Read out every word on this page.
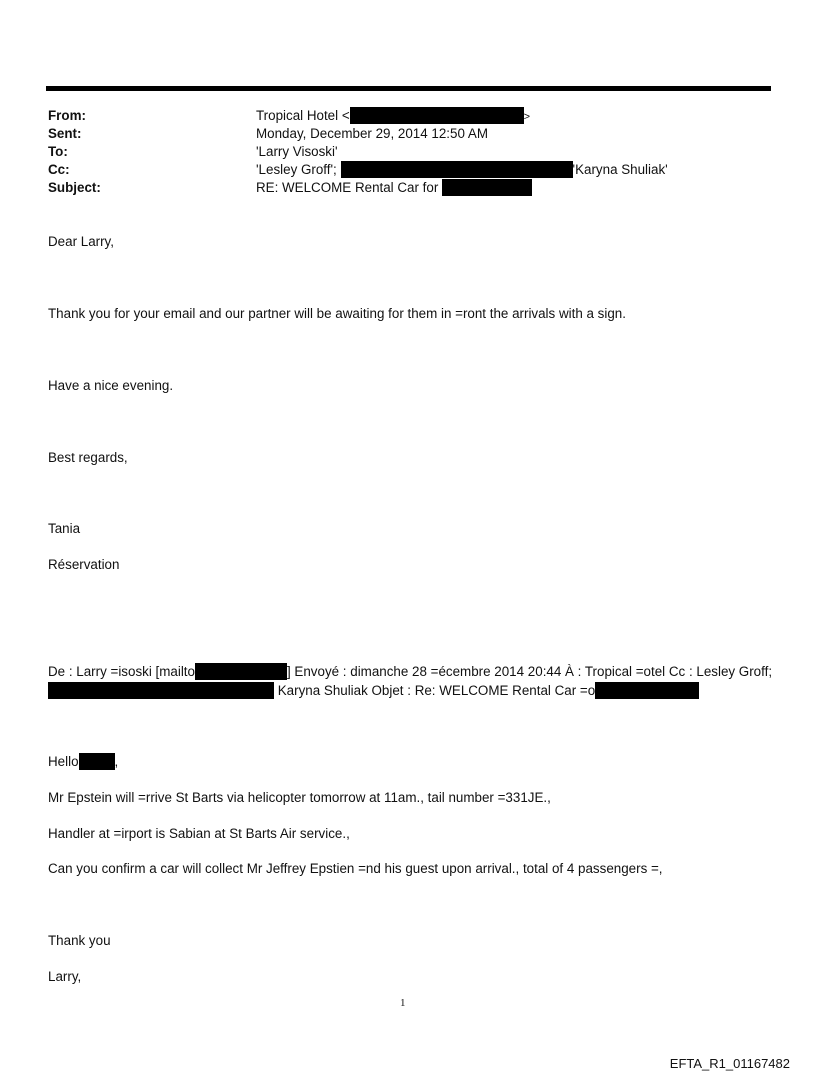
From:	Tropical Hotel <	>
Sent:	Monday, December 29, 2014 12:50 AM
To:	'Larry Visoski'
Cc:	'Lesley Groff';	'Karyna Shuliak'
Subject:	RE: WELCOME Rental Car for
Dear Larry,
Thank you for your email and our partner will be awaiting for them in =ront the arrivals with a sign.
Have a nice evening.
Best regards,
Tania
Réservation
De : Larry =isoski [mailto	] Envoyé : dimanche 28 =écembre 2014 20:44 À : Tropical =otel Cc : Lesley Groff;
Karyna Shuliak Objet : Re: WELCOME Rental Car =o
Hello	,
Mr Epstein will =rrive St Barts via helicopter tomorrow at 11am., tail number =331JE.,
Handler at =irport is Sabian at St Barts Air service.,
Can you confirm a car will collect Mr Jeffrey Epstien =nd his guest upon arrival., total of 4 passengers =,
Thank you
Larry,
1
EFTA_R1_01167482
